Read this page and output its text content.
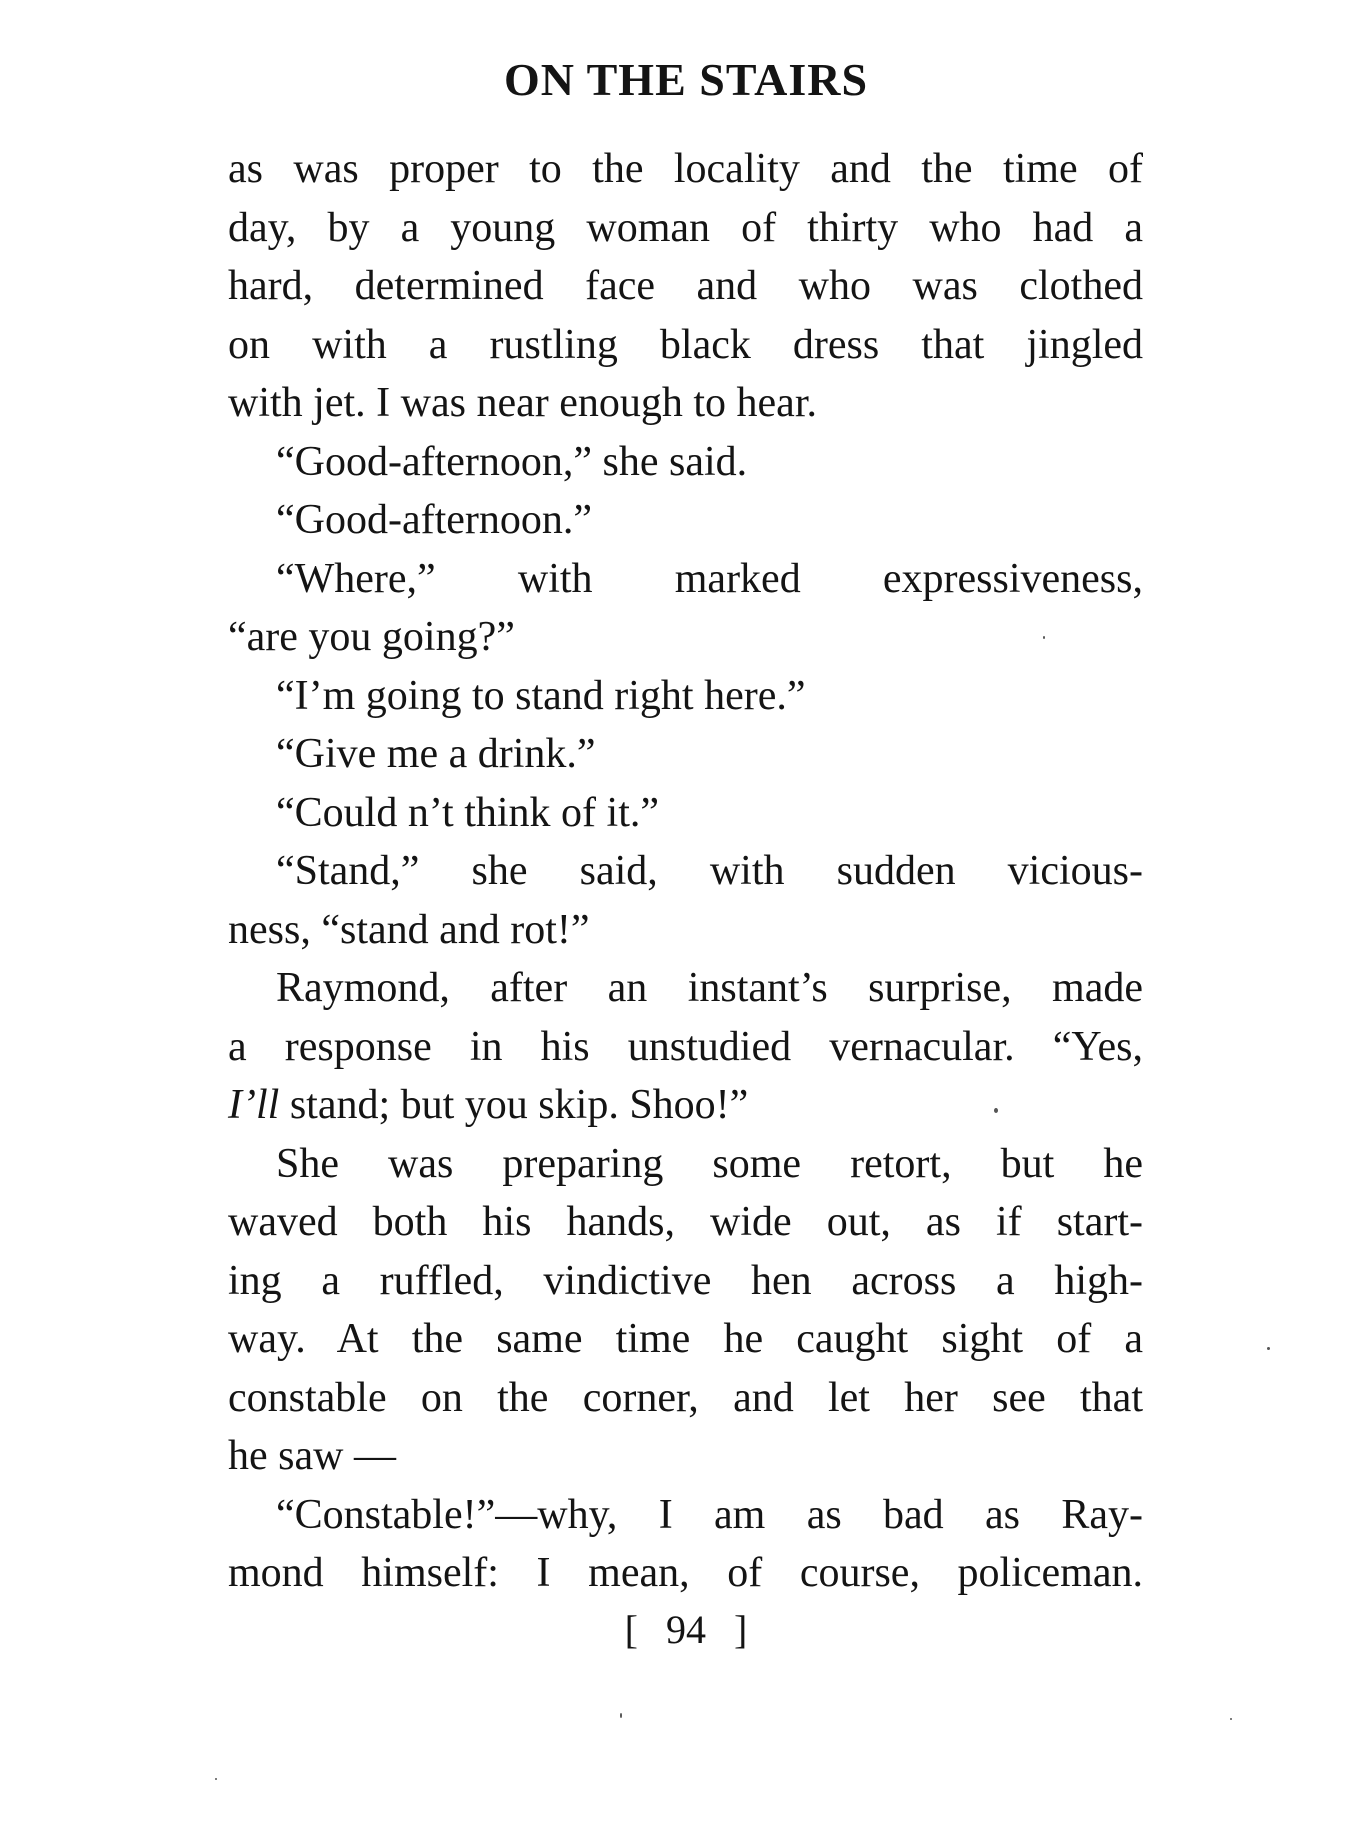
ON THE STAIRS
as was proper to the locality and the time of
day, by a young woman of thirty who had a
hard, determined face and who was clothed
on with a rustling black dress that jingled
with jet. I was near enough to hear.
“Good-afternoon,” she said.
“Good-afternoon.”
“Where,” with marked expressiveness,
“are you going?”
“I’m going to stand right here.”
“Give me a drink.”
“Could n’t think of it.”
“Stand,” she said, with sudden vicious-
ness, “stand and rot!”
Raymond, after an instant’s surprise, made
a response in his unstudied vernacular. “Yes,
I’ll stand; but you skip. Shoo!”
She was preparing some retort, but he
waved both his hands, wide out, as if start-
ing a ruffled, vindictive hen across a high-
way. At the same time he caught sight of a
constable on the corner, and let her see that
he saw —
“Constable!”—why, I am as bad as Ray-
mond himself: I mean, of course, policeman.
[ 94 ]
